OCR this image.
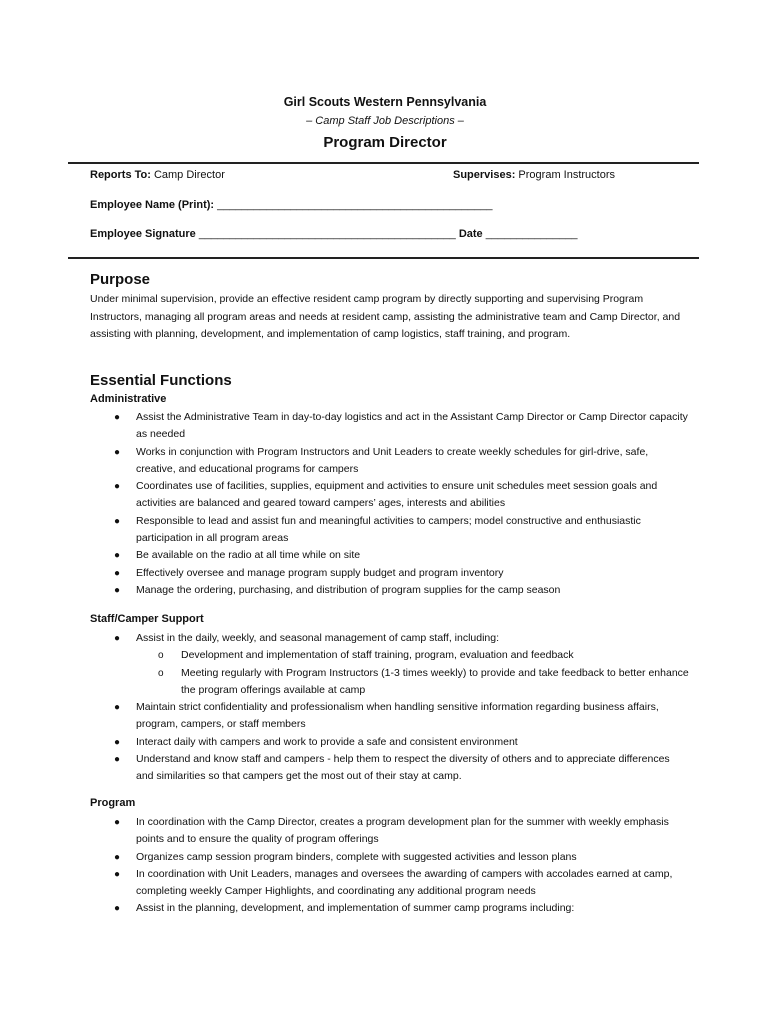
Girl Scouts Western Pennsylvania
– Camp Staff Job Descriptions –
Program Director
Reports To: Camp Director	Supervises: Program Instructors
Employee Name (Print): _____________________________________________
Employee Signature __________________________________________ Date _______________
Purpose
Under minimal supervision, provide an effective resident camp program by directly supporting and supervising Program Instructors, managing all program areas and needs at resident camp, assisting the administrative team and Camp Director, and assisting with planning, development, and implementation of camp logistics, staff training, and program.
Essential Functions
Administrative
● Assist the Administrative Team in day-to-day logistics and act in the Assistant Camp Director or Camp Director capacity as needed
● Works in conjunction with Program Instructors and Unit Leaders to create weekly schedules for girl-drive, safe, creative, and educational programs for campers
● Coordinates use of facilities, supplies, equipment and activities to ensure unit schedules meet session goals and activities are balanced and geared toward campers’ ages, interests and abilities
● Responsible to lead and assist fun and meaningful activities to campers; model constructive and enthusiastic participation in all program areas
● Be available on the radio at all time while on site
● Effectively oversee and manage program supply budget and program inventory
● Manage the ordering, purchasing, and distribution of program supplies for the camp season
Staff/Camper Support
● Assist in the daily, weekly, and seasonal management of camp staff, including:
o Development and implementation of staff training, program, evaluation and feedback
o Meeting regularly with Program Instructors (1-3 times weekly) to provide and take feedback to better enhance the program offerings available at camp
● Maintain strict confidentiality and professionalism when handling sensitive information regarding business affairs, program, campers, or staff members
● Interact daily with campers and work to provide a safe and consistent environment
● Understand and know staff and campers - help them to respect the diversity of others and to appreciate differences and similarities so that campers get the most out of their stay at camp.
Program
● In coordination with the Camp Director, creates a program development plan for the summer with weekly emphasis points and to ensure the quality of program offerings
● Organizes camp session program binders, complete with suggested activities and lesson plans
● In coordination with Unit Leaders, manages and oversees the awarding of campers with accolades earned at camp, completing weekly Camper Highlights, and coordinating any additional program needs
● Assist in the planning, development, and implementation of summer camp programs including:
